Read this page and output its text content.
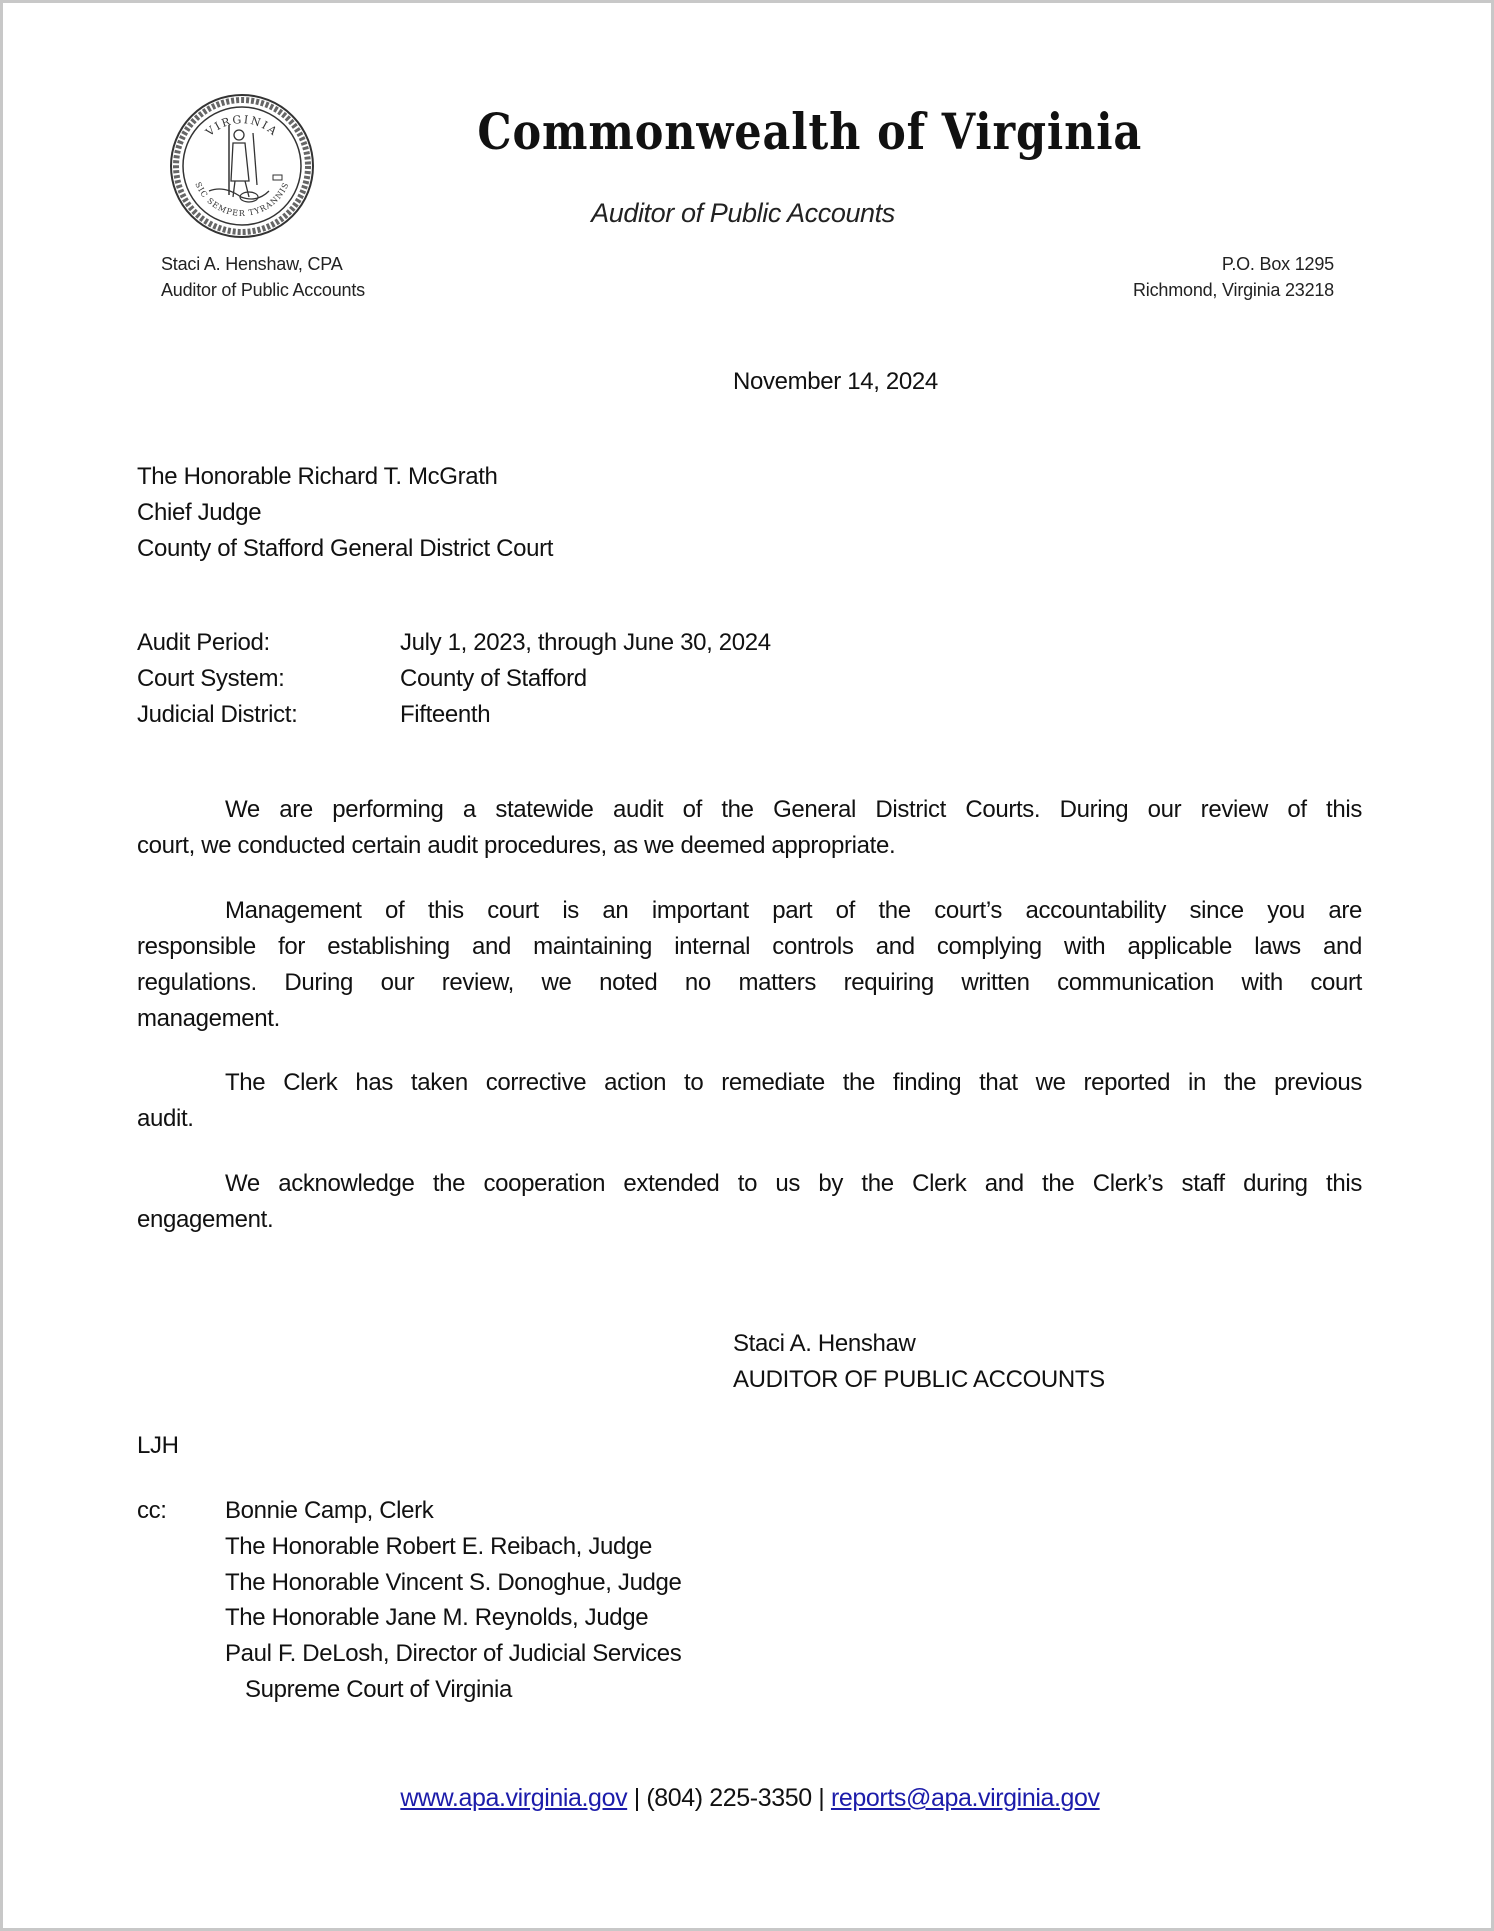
VIRGINIA
SIC SEMPER TYRANNIS
Commonwealth of Virginia
Auditor of Public Accounts
Staci A. Henshaw, CPA
Auditor of Public Accounts
P.O. Box 1295
Richmond, Virginia 23218
November 14, 2024
The Honorable Richard T. McGrath
Chief Judge
County of Stafford General District Court
Audit Period:	July 1, 2023, through June 30, 2024
Court System:	County of Stafford
Judicial District:	Fifteenth
We are performing a statewide audit of the General District Courts. During our review of this
court, we conducted certain audit procedures, as we deemed appropriate.
Management of this court is an important part of the court’s accountability since you are
responsible for establishing and maintaining internal controls and complying with applicable laws and
regulations. During our review, we noted no matters requiring written communication with court
management.
The Clerk has taken corrective action to remediate the finding that we reported in the previous
audit.
We acknowledge the cooperation extended to us by the Clerk and the Clerk’s staff during this
engagement.
Staci A. Henshaw
AUDITOR OF PUBLIC ACCOUNTS
LJH
cc: Bonnie Camp, Clerk
The Honorable Robert E. Reibach, Judge
The Honorable Vincent S. Donoghue, Judge
The Honorable Jane M. Reynolds, Judge
Paul F. DeLosh, Director of Judicial Services
Supreme Court of Virginia
www.apa.virginia.gov | (804) 225-3350 | reports@apa.virginia.gov
